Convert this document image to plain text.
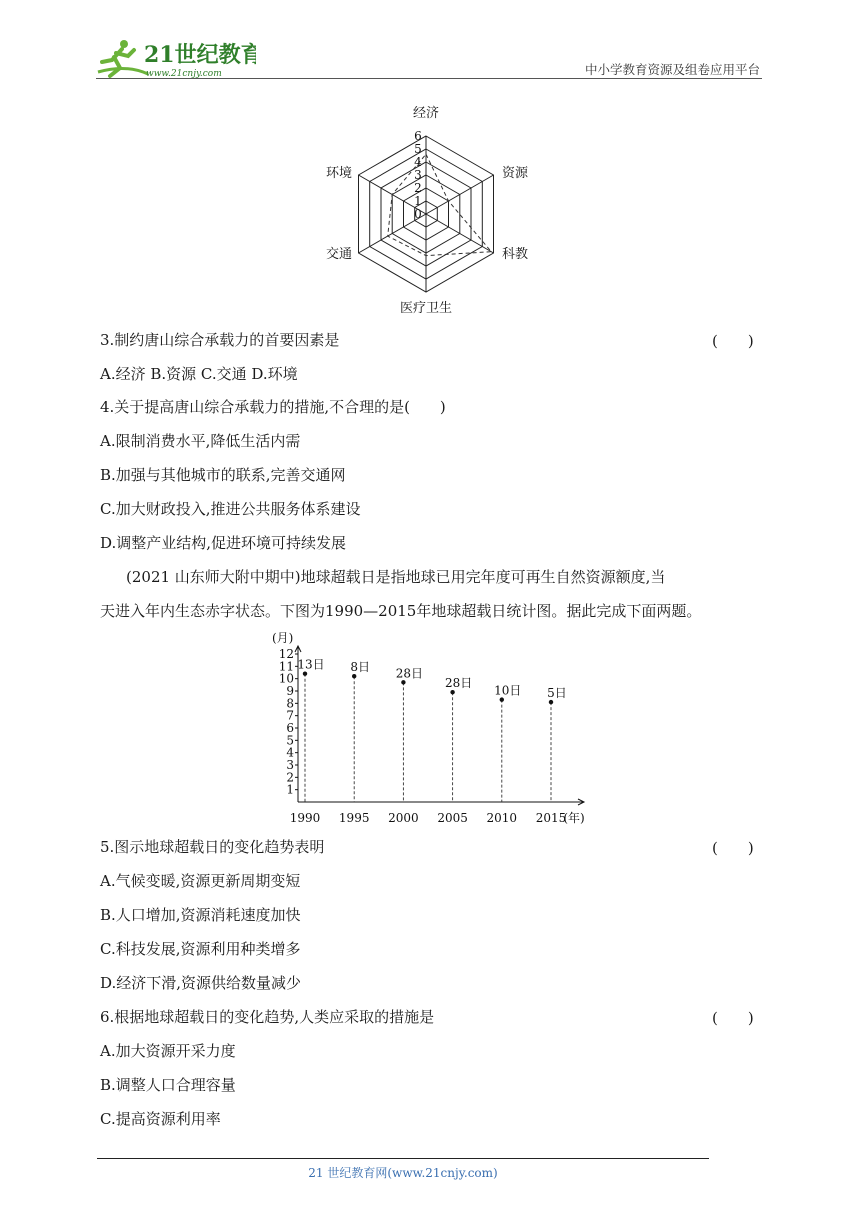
21世纪教育
www.21cnjy.com	中小学教育资源及组卷应用平台
0
1
2
3
4
5
6
经济
资源
科教
医疗卫生
交通
环境
3.制约唐山综合承载力的首要因素是	(　　)
A.经济 B.资源 C.交通 D.环境
4.关于提高唐山综合承载力的措施,不合理的是(　　)
A.限制消费水平,降低生活内需
B.加强与其他城市的联系,完善交通网
C.加大财政投入,推进公共服务体系建设
D.调整产业结构,促进环境可持续发展
(2021 山东师大附中期中)地球超载日是指地球已用完年度可再生自然资源额度,当
天进入年内生态赤字状态。下图为1990—2015年地球超载日统计图。据此完成下面两题。
(月)
1
2
3
4
5
6
7
8
9
10
11
12
13日
1990
8日
1995
28日
2000
28日
2005
10日
2010
5日
2015
(年)
5.图示地球超载日的变化趋势表明	(　　)
A.气候变暖,资源更新周期变短
B.人口增加,资源消耗速度加快
C.科技发展,资源利用种类增多
D.经济下滑,资源供给数量减少
6.根据地球超载日的变化趋势,人类应采取的措施是	(　　)
A.加大资源开采力度
B.调整人口合理容量
C.提高资源利用率
21 世纪教育网(www.21cnjy.com)
